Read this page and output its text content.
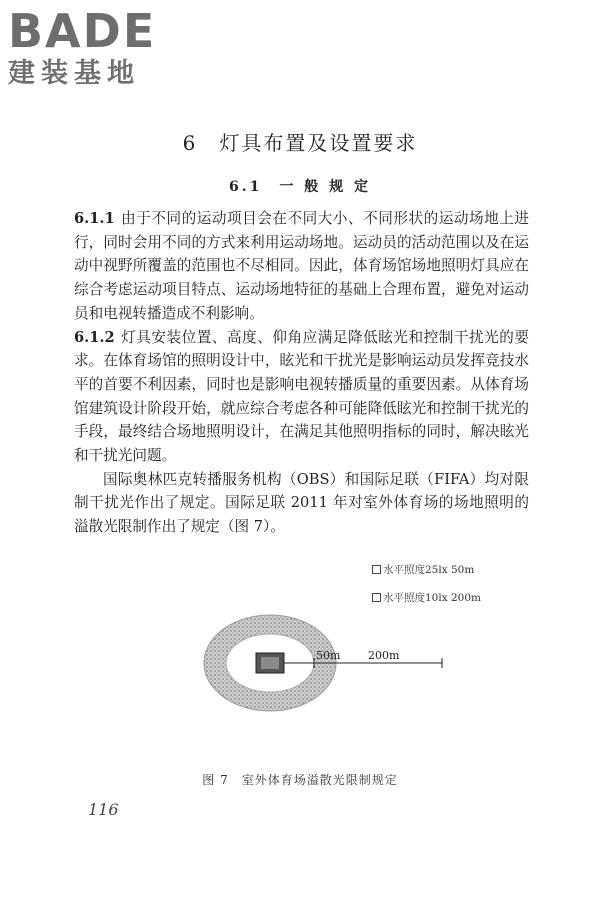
BADE
建装基地
6　灯具布置及设置要求
6.1　一 般 规 定

6.1.1 由于不同的运动项目会在不同大小、不同形状的运动场地上进行，同时会用不同的方式来利用运动场地。运动员的活动范围以及在运动中视野所覆盖的范围也不尽相同。因此，体育场馆场地照明灯具应在综合考虑运动项目特点、运动场地特征的基础上合理布置，避免对运动员和电视转播造成不利影响。

6.1.2 灯具安装位置、高度、仰角应满足降低眩光和控制干扰光的要求。在体育场馆的照明设计中，眩光和干扰光是影响运动员发挥竞技水平的首要不利因素，同时也是影响电视转播质量的重要因素。从体育场馆建筑设计阶段开始，就应综合考虑各种可能降低眩光和控制干扰光的手段，最终结合场地照明设计，在满足其他照明指标的同时，解决眩光和干扰光问题。

国际奥林匹克转播服务机构（OBS）和国际足联（FIFA）均对限制干扰光作出了规定。国际足联 2011 年对室外体育场的场地照明的溢散光限制作出了规定（图 7）。

水平照度25lx 50m
水平照度10lx 200m
50m	200m
图 7　室外体育场溢散光限制规定
116
